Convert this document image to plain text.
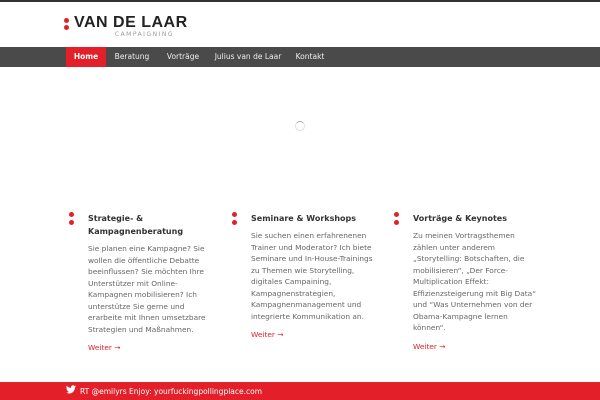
VAN DE LAAR
CAMPAIGNING
Home	Beratung	Vorträge	Julius van de Laar	Kontakt
Strategie- & Kampagnenberatung
Sie planen eine Kampagne? Sie wollen die öffentliche Debatte beeinflussen? Sie möchten Ihre Unterstützer mit Online-Kampagnen mobilisieren? Ich unterstütze Sie gerne und erarbeite mit Ihnen umsetzbare Strategien und Maßnahmen.
Weiter →
Seminare & Workshops
Sie suchen einen erfahrenenen Trainer und Moderator? Ich biete Seminare und In-House-Trainings zu Themen wie Storytelling, digitales Campaining, Kampagnenstrategien, Kampagnenmanagement und integrierte Kommunikation an.
Weiter →
Vorträge & Keynotes
Zu meinen Vortragsthemen zählen unter anderem „Storytelling: Botschaften, die mobilisieren“, „Der Force-Multiplication Effekt: Effizienzsteigerung mit Big Data“ und “Was Unternehmen von der Obama-Kampagne lernen können“.
Weiter →
RT @emilyrs Enjoy: yourfuckingpollingplace.com
